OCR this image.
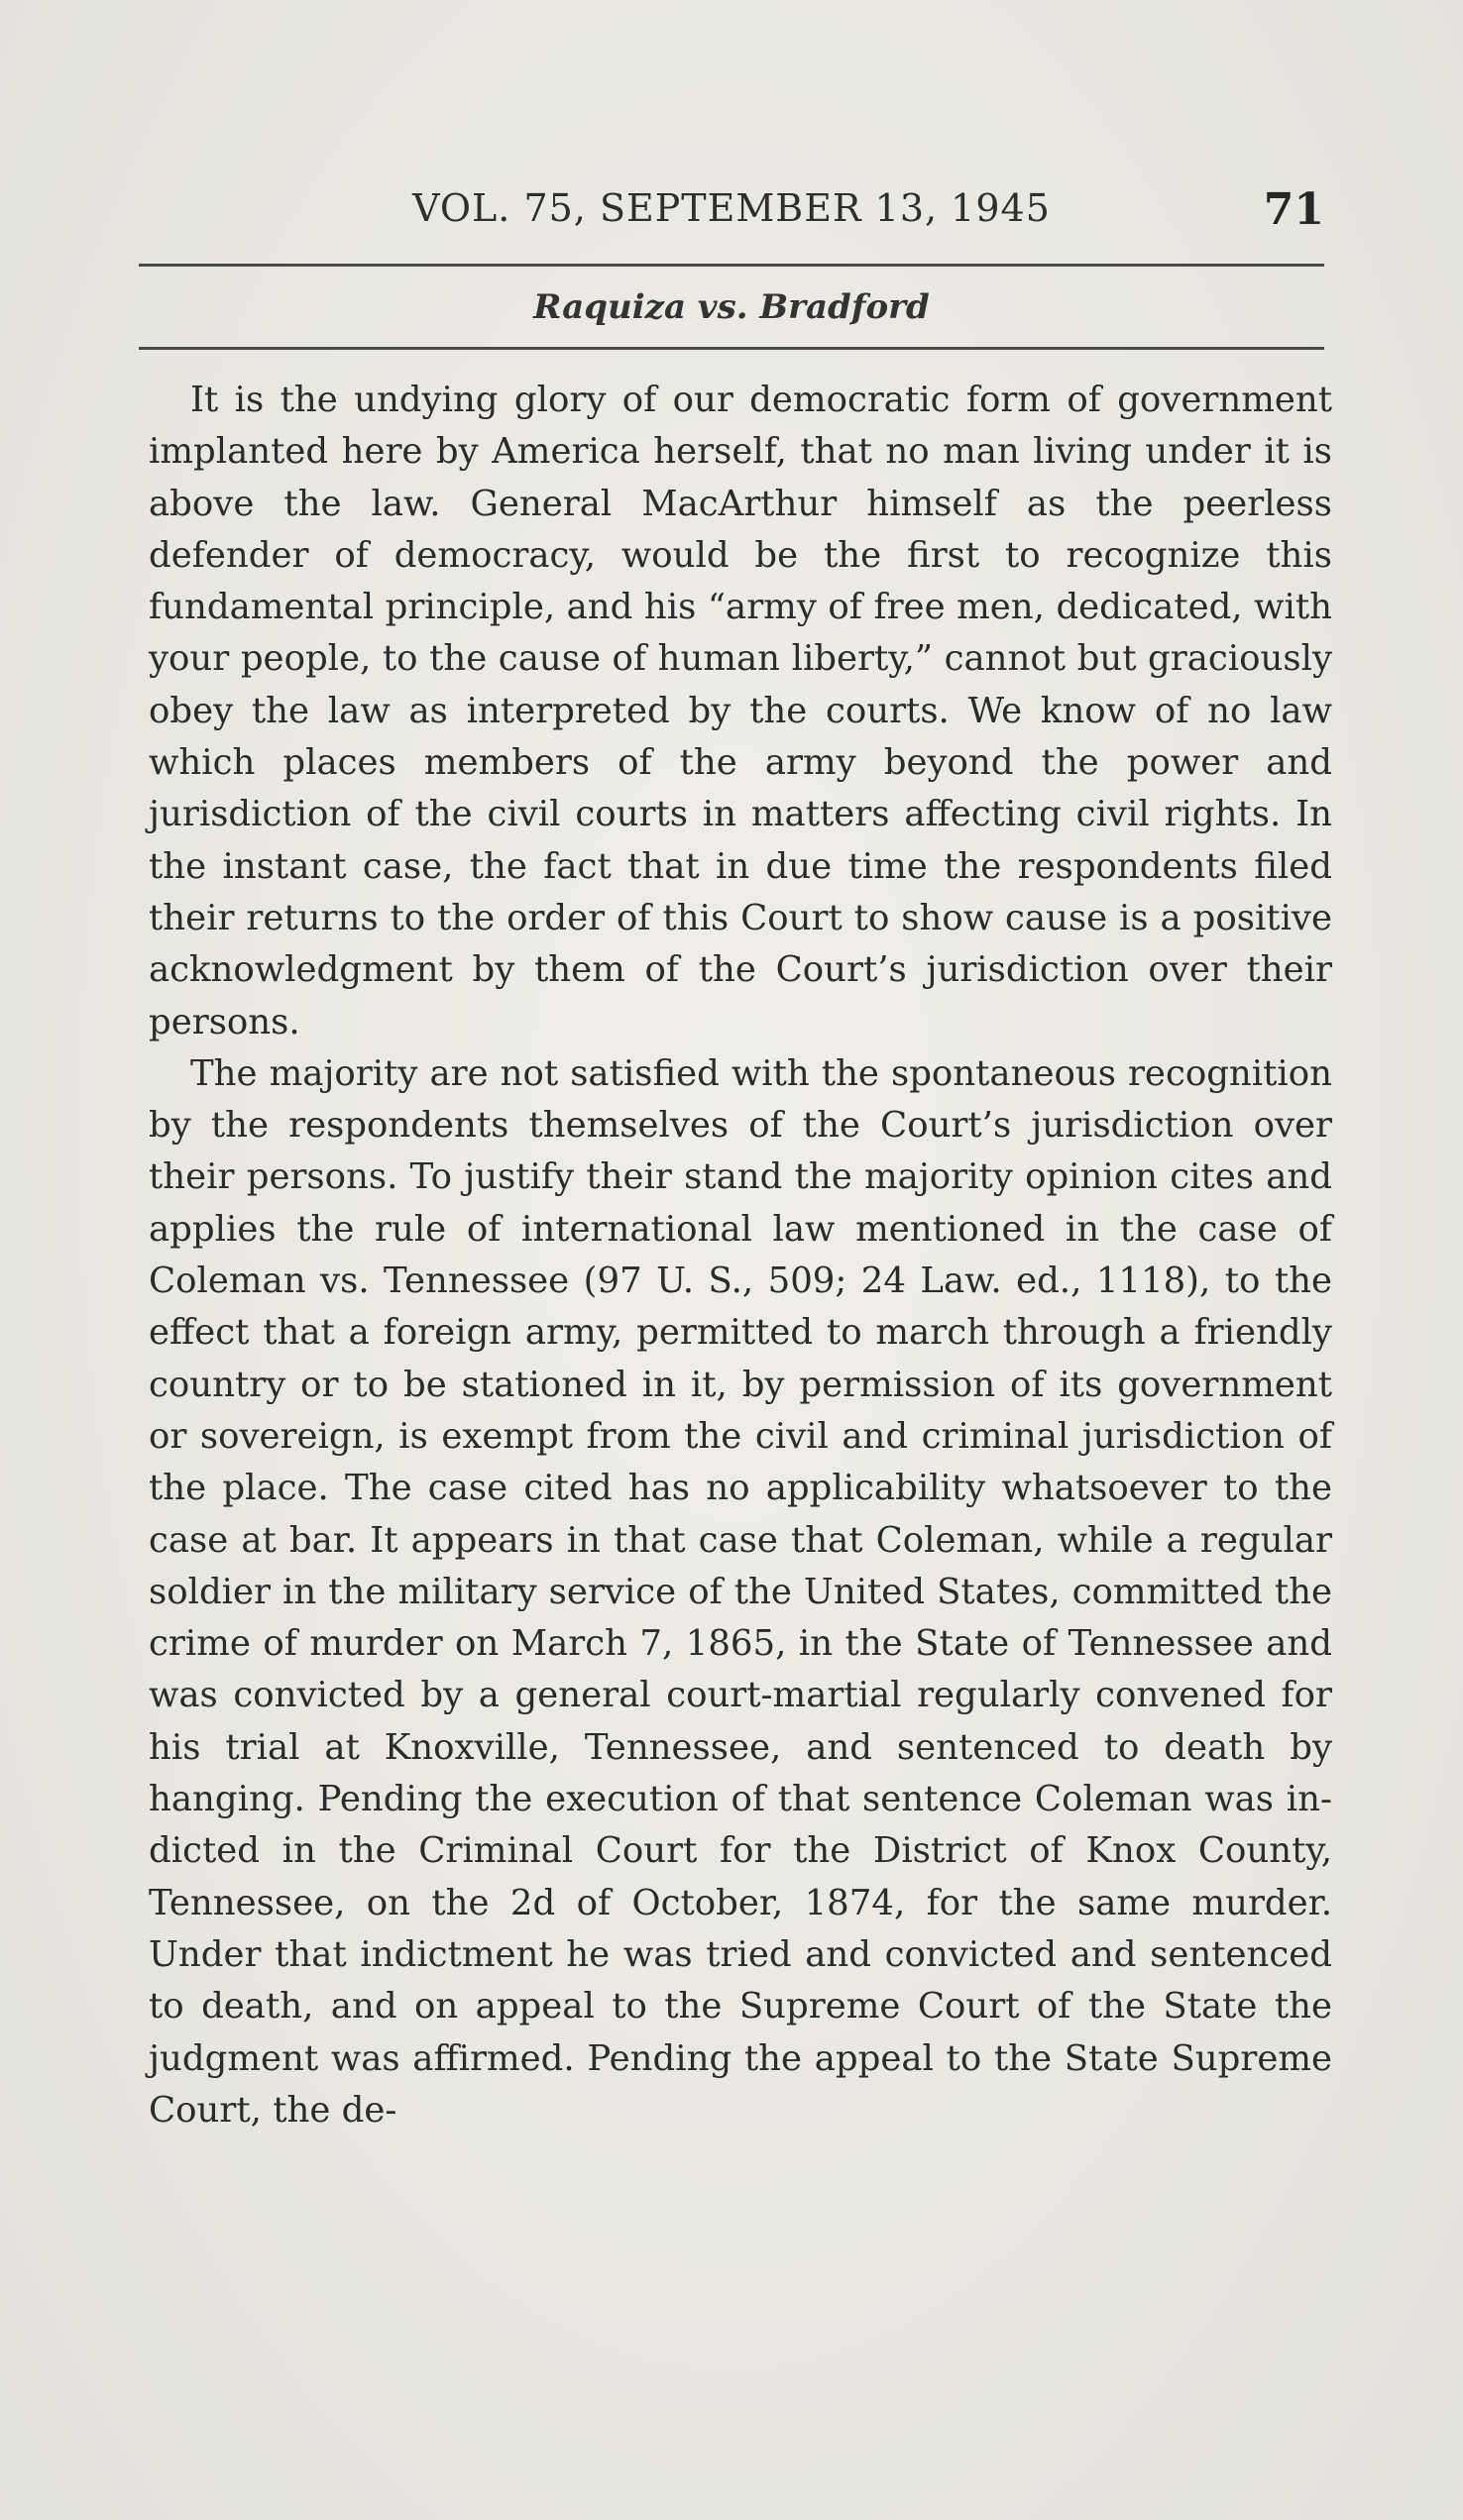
VOL. 75, SEPTEMBER 13, 1945	71
Raquiza vs. Bradford

It is the undying glory of our democratic form of government implanted here by America herself, that no man living under it is above the law. General MacArthur himself as the peerless defender of democracy, would be the first to recognize this fundamental principle, and his “army of free men, dedicated, with your people, to the cause of human liberty,” cannot but graciously obey the law as interpreted by the courts. We know of no law which places members of the army beyond the power and jurisdiction of the civil courts in matters affecting civil rights. In the instant case, the fact that in due time the respondents filed their returns to the order of this Court to show cause is a positive acknowledgment by them of the Court’s jurisdiction over their persons.

The majority are not satisfied with the spontaneous recognition by the respondents themselves of the Court’s jurisdiction over their persons. To justify their stand the majority opinion cites and applies the rule of international law mentioned in the case of Coleman vs. Tennessee (97 U. S., 509; 24 Law. ed., 1118), to the effect that a foreign army, permitted to march through a friendly country or to be stationed in it, by permission of its government or sovereign, is exempt from the civil and criminal jurisdiction of the place. The case cited has no applicability whatsoever to the case at bar. It appears in that case that Coleman, while a regular soldier in the military service of the United States, committed the crime of murder on March 7, 1865, in the State of Tennessee and was convicted by a general court-martial regularly convened for his trial at Knoxville, Tennessee, and sentenced to death by hanging. Pending the execution of that sentence Coleman was indicted in the Criminal Court for the District of Knox County, Tennessee, on the 2d of October, 1874, for the same murder. Under that indictment he was tried and convicted and sentenced to death, and on appeal to the Supreme Court of the State the judgment was affirmed. Pending the appeal to the State Supreme Court, the de-
